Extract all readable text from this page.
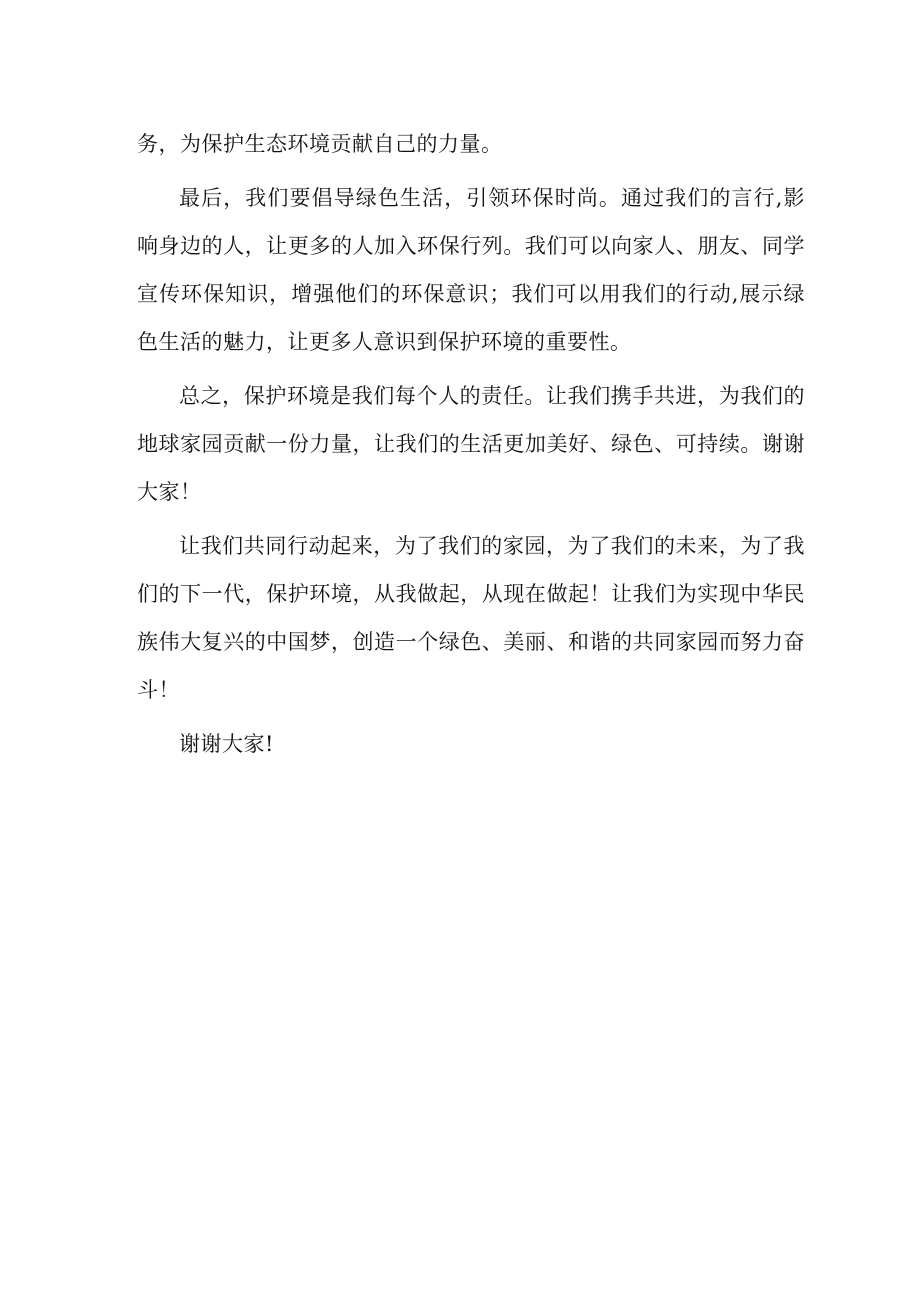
务，为保护生态环境贡献自己的力量。

最后，我们要倡导绿色生活，引领环保时尚。通过我们的言行,影响身边的人，让更多的人加入环保行列。我们可以向家人、朋友、同学宣传环保知识，增强他们的环保意识；我们可以用我们的行动,展示绿色生活的魅力，让更多人意识到保护环境的重要性。

总之，保护环境是我们每个人的责任。让我们携手共进，为我们的地球家园贡献一份力量，让我们的生活更加美好、绿色、可持续。谢谢大家！

让我们共同行动起来，为了我们的家园，为了我们的未来，为了我们的下一代，保护环境，从我做起，从现在做起！让我们为实现中华民族伟大复兴的中国梦，创造一个绿色、美丽、和谐的共同家园而努力奋斗！

谢谢大家!
